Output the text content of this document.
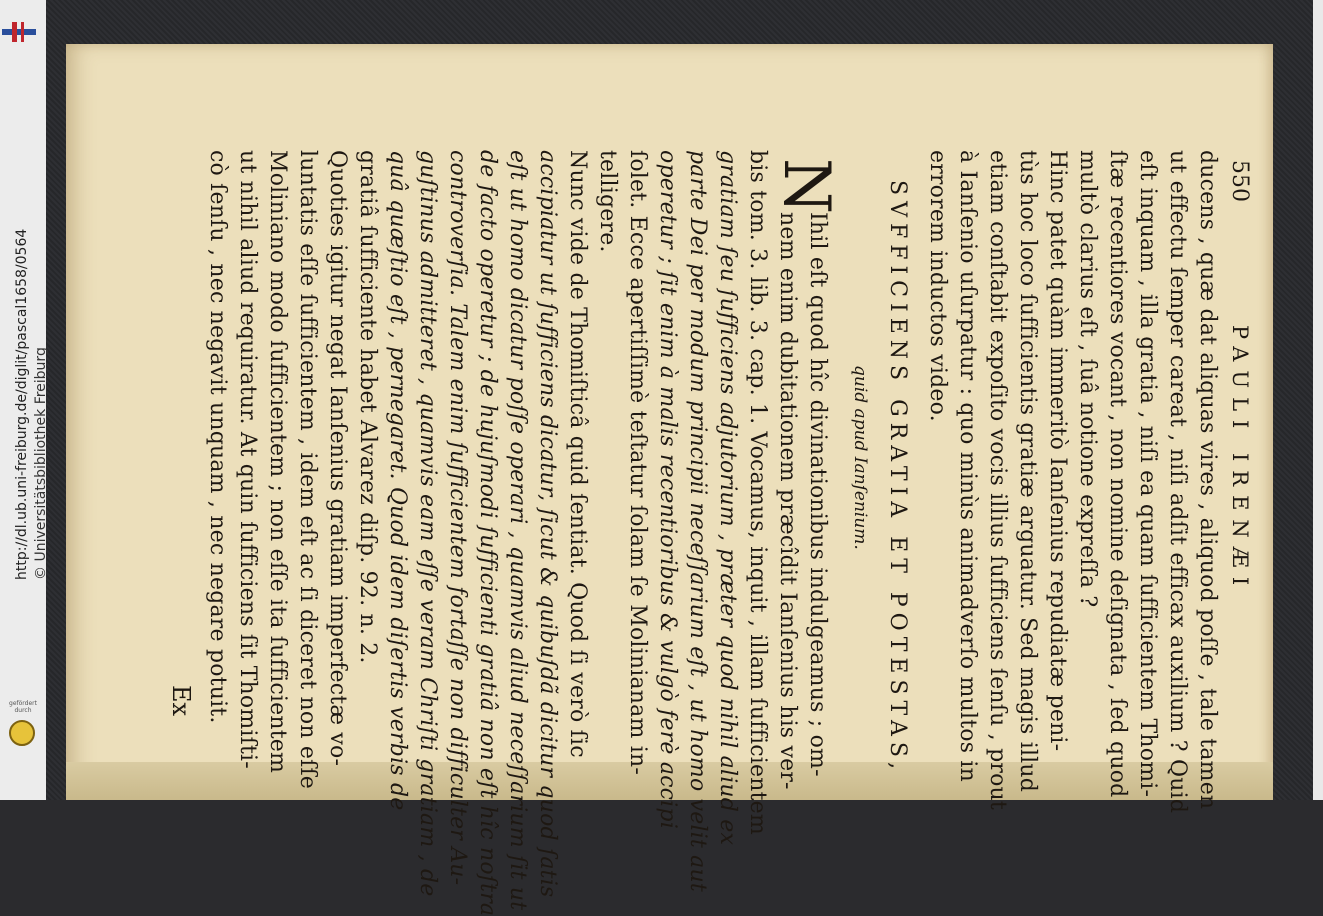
http://dl.ub.uni-freiburg.de/diglit/pascal1658/0564 © Universitätsbibliothek Freiburg
gefördert durch
550
PAULI IRENÆI
ducens , quæ dat aliquas vires , aliquod poſſe , tale tamen
ut effectu ſemper careat , niſi adſit efficax auxilium ? Quid
eſt inquam , illa gratia , niſi ea quam ſufficientem Thomi-
ſtæ recentiores vocant , non nomine deſignata , ſed quod
multò clarius eſt , ſuâ notione expreſſa ?
Hinc patet quàm immeritò Ianſenius repudiatæ peni-
tùs hoc loco ſufficientis gratiæ arguatur. Sed magis illud
etiam conſtabit expoſito vocis illius ſufficiens ſenſu , prout
à Ianſenio uſurpatur : quo minùs animadverſo multos in
errorem inductos video.
SVFFICIENS GRATIA ET POTESTAS,
quid apud Ianſenium.
N
Ihil eſt quod hîc divinationibus indulgeamus ; om-
nem enim dubitationem præcîdit Ianſenius his ver-
bis tom. 3. lib. 3. cap. 1. Vocamus, inquit , illam ſufficientem
gratiam ſeu ſufficiens adjutorium , præter quod nihil aliud ex
parte Dei per modum principii neceſſarium eſt , ut homo velit aut
operetur ; ſit enim à malis recentioribus & vulgò ferè accipi
ſolet. Ecce apertiſſimè teſtatur ſolam ſe Molinianam in-
telligere.
Nunc vide de Thomiſticâ quid ſentiat. Quod ſi verò ſic
accipiatur ut ſufficiens dicatur, ſicut & quibuſdã dicitur quod ſatis
eſt ut homo dicatur poſſe operari , quamvis aliud neceſſarium ſit ut
de facto operetur ; de hujuſmodi ſufficienti gratiâ non eſt hîc noſtra
controverſia. Talem enim ſufficientem fortaſſe non difficulter Au-
guſtinus admitteret , quamvis eam eſſe veram Chriſti gratiam , de
quâ quæſtio eſt , pernegaret. Quod idem diſertis verbis de
gratiâ ſufficiente habet Alvarez diſp. 92. n. 2.
Quoties igitur negat Ianſenius gratiam imperfectæ vo-
luntatis eſſe ſufficientem , idem eſt ac ſi diceret non eſſe
Moliniano modo ſufficientem ; non eſſe ita ſufficientem
ut nihil aliud requiratur. At quin ſufficiens ſit Thomiſti-
cò ſenſu , nec negavit unquam , nec negare potuit.
Ex
